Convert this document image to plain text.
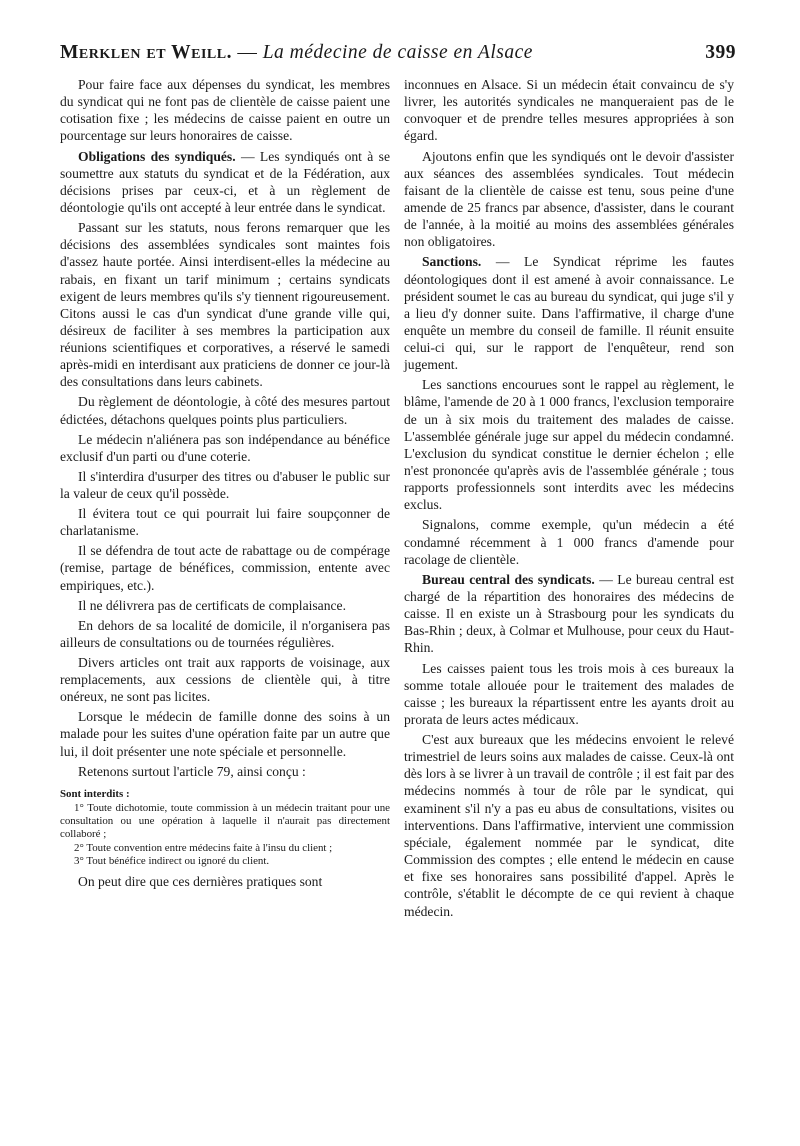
Merklen et Weill. — La médecine de caisse en Alsace	399

Pour faire face aux dépenses du syndicat, les membres du syndicat qui ne font pas de clientèle de caisse paient une cotisation fixe ; les médecins de caisse paient en outre un pourcentage sur leurs honoraires de caisse.

Obligations des syndiqués. — Les syndiqués ont à se soumettre aux statuts du syndicat et de la Fédération, aux décisions prises par ceux-ci, et à un règlement de déontologie qu'ils ont accepté à leur entrée dans le syndicat.

Passant sur les statuts, nous ferons remarquer que les décisions des assemblées syndicales sont maintes fois d'assez haute portée. Ainsi interdisent-elles la médecine au rabais, en fixant un tarif minimum ; certains syndicats exigent de leurs membres qu'ils s'y tiennent rigoureusement. Citons aussi le cas d'un syndicat d'une grande ville qui, désireux de faciliter à ses membres la participation aux réunions scientifiques et corporatives, a réservé le samedi après-midi en interdisant aux praticiens de donner ce jour-là des consultations dans leurs cabinets.

Du règlement de déontologie, à côté des mesures partout édictées, détachons quelques points plus particuliers.

Le médecin n'aliénera pas son indépendance au bénéfice exclusif d'un parti ou d'une coterie.

Il s'interdira d'usurper des titres ou d'abuser le public sur la valeur de ceux qu'il possède.

Il évitera tout ce qui pourrait lui faire soupçonner de charlatanisme.

Il se défendra de tout acte de rabattage ou de compérage (remise, partage de bénéfices, commission, entente avec empiriques, etc.).

Il ne délivrera pas de certificats de complaisance.

En dehors de sa localité de domicile, il n'organisera pas ailleurs de consultations ou de tournées régulières.

Divers articles ont trait aux rapports de voisinage, aux remplacements, aux cessions de clientèle qui, à titre onéreux, ne sont pas licites.

Lorsque le médecin de famille donne des soins à un malade pour les suites d'une opération faite par un autre que lui, il doit présenter une note spéciale et personnelle.

Retenons surtout l'article 79, ainsi conçu :

Sont interdits :

1° Toute dichotomie, toute commission à un médecin traitant pour une consultation ou une opération à laquelle il n'aurait pas directement collaboré ;

2° Toute convention entre médecins faite à l'insu du client ;

3° Tout bénéfice indirect ou ignoré du client.

On peut dire que ces dernières pratiques sont

inconnues en Alsace. Si un médecin était convaincu de s'y livrer, les autorités syndicales ne manqueraient pas de le convoquer et de prendre telles mesures appropriées à son égard.

Ajoutons enfin que les syndiqués ont le devoir d'assister aux séances des assemblées syndicales. Tout médecin faisant de la clientèle de caisse est tenu, sous peine d'une amende de 25 francs par absence, d'assister, dans le courant de l'année, à la moitié au moins des assemblées générales non obligatoires.

Sanctions. — Le Syndicat réprime les fautes déontologiques dont il est amené à avoir connaissance. Le président soumet le cas au bureau du syndicat, qui juge s'il y a lieu d'y donner suite. Dans l'affirmative, il charge d'une enquête un membre du conseil de famille. Il réunit ensuite celui-ci qui, sur le rapport de l'enquêteur, rend son jugement.

Les sanctions encourues sont le rappel au règlement, le blâme, l'amende de 20 à 1 000 francs, l'exclusion temporaire de un à six mois du traitement des malades de caisse. L'assemblée générale juge sur appel du médecin condamné. L'exclusion du syndicat constitue le dernier échelon ; elle n'est prononcée qu'après avis de l'assemblée générale ; tous rapports professionnels sont interdits avec les médecins exclus.

Signalons, comme exemple, qu'un médecin a été condamné récemment à 1 000 francs d'amende pour racolage de clientèle.

Bureau central des syndicats. — Le bureau central est chargé de la répartition des honoraires des médecins de caisse. Il en existe un à Strasbourg pour les syndicats du Bas-Rhin ; deux, à Colmar et Mulhouse, pour ceux du Haut-Rhin.

Les caisses paient tous les trois mois à ces bureaux la somme totale allouée pour le traitement des malades de caisse ; les bureaux la répartissent entre les ayants droit au prorata de leurs actes médicaux.

C'est aux bureaux que les médecins envoient le relevé trimestriel de leurs soins aux malades de caisse. Ceux-là ont dès lors à se livrer à un travail de contrôle ; il est fait par des médecins nommés à tour de rôle par le syndicat, qui examinent s'il n'y a pas eu abus de consultations, visites ou interventions. Dans l'affirmative, intervient une commission spéciale, également nommée par le syndicat, dite Commission des comptes ; elle entend le médecin en cause et fixe ses honoraires sans possibilité d'appel. Après le contrôle, s'établit le décompte de ce qui revient à chaque médecin.
